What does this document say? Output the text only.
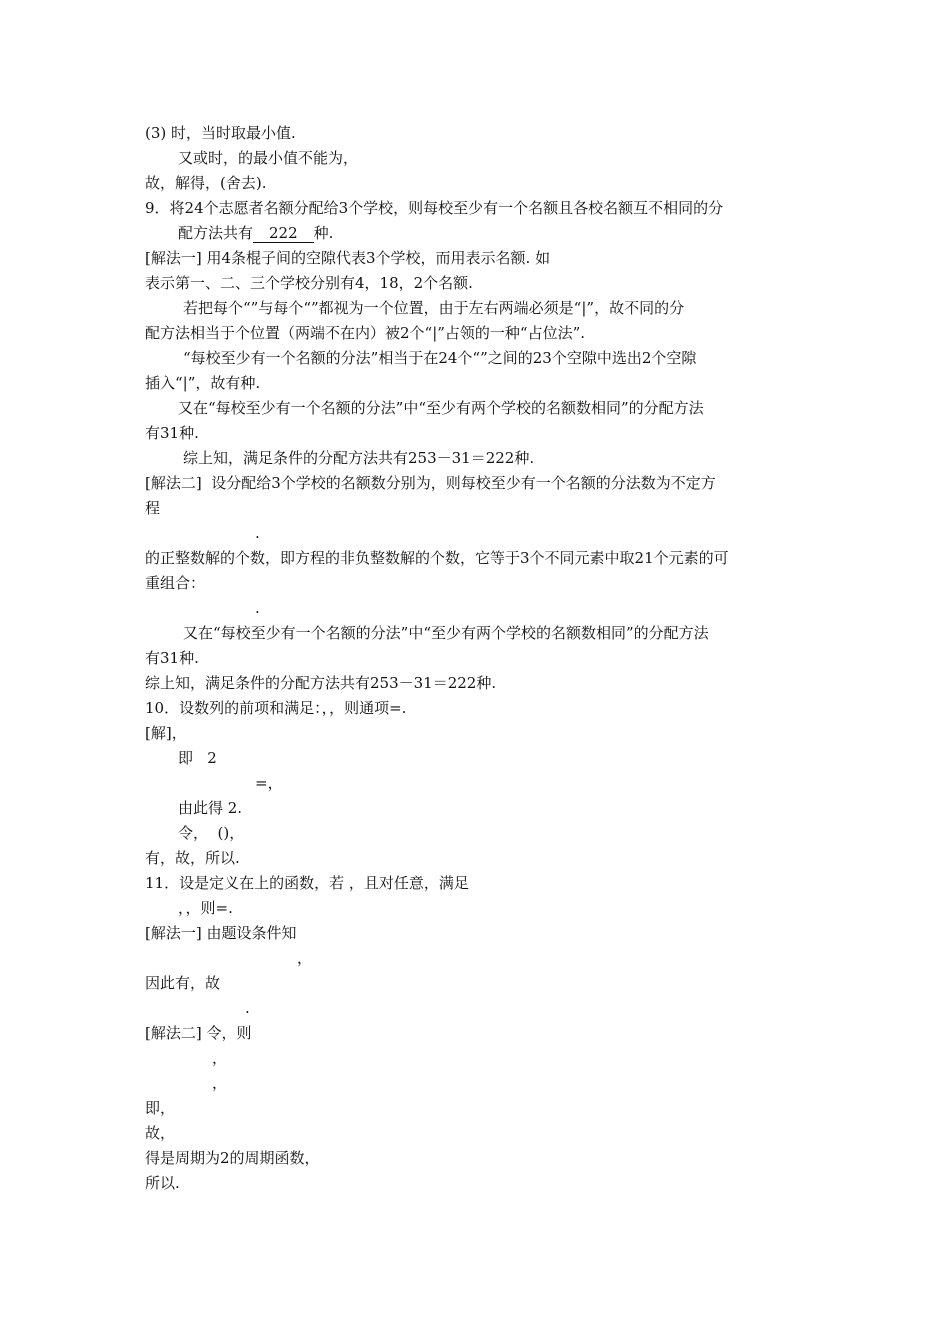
(3) 时，当时取最小值.
又或时，的最小值不能为，
故，解得，(舍去).
9．将24个志愿者名额分配给3个学校，则每校至少有一个名额且各校名额互不相同的分
配方法共有 222 种.
[解法一] 用4条棍子间的空隙代表3个学校，而用表示名额. 如
表示第一、二、三个学校分别有4，18，2个名额.
若把每个“”与每个“”都视为一个位置，由于左右两端必须是“|”，故不同的分
配方法相当于个位置（两端不在内）被2个“|”占领的一种“占位法”.
“每校至少有一个名额的分法”相当于在24个“”之间的23个空隙中选出2个空隙
插入“|”，故有种.
又在“每校至少有一个名额的分法”中“至少有两个学校的名额数相同”的分配方法
有31种.
综上知，满足条件的分配方法共有253－31＝222种.
[解法二]  设分配给3个学校的名额数分别为，则每校至少有一个名额的分法数为不定方
程
.
的正整数解的个数，即方程的非负整数解的个数，它等于3个不同元素中取21个元素的可
重组合：
.
又在“每校至少有一个名额的分法”中“至少有两个学校的名额数相同”的分配方法
有31种.
综上知，满足条件的分配方法共有253－31＝222种.
10．设数列的前项和满足：，，则通项=.
[解]，
即   2
=，
由此得 2.
令，  ()，
有，故，所以.
11．设是定义在上的函数，若 ，且对任意，满足
，，则=.
[解法一] 由题设条件知
，
因此有，故
.
[解法二] 令，则
，
，
即，
故，
得是周期为2的周期函数，
所以.
